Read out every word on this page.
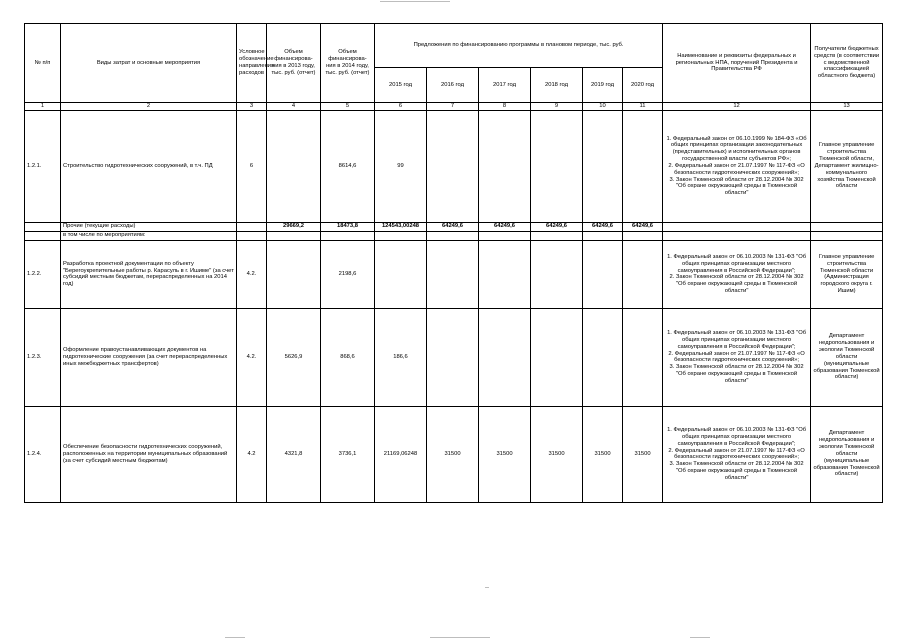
№ п/п	Виды затрат и основные мероприятия	Условное обозначение направления расходов	Объем финансирова- ния в 2013 году, тыс. руб. (отчет)	Объем финансирова- ния в 2014 году, тыс. руб. (отчет)	Предложения по финансированию программы в плановом периоде, тыс. руб.						Наименование и реквизиты федеральных и региональных НПА, поручений Президента и Правительства РФ	Получатели бюджетных средств (в соответствии с ведомственной классификацией областного бюджета)
					2015 год	2016 год	2017 год	2018 год	2019 год	2020 год		
1	2	3	4	5	6	7	8	9	10	11	12	13
1.2.1.	Строительство гидротехнических сооружений, в т.ч. ПД	6		8614,6	99						1. Федеральный закон от 06.10.1999 № 184-ФЗ «Об общих принципах организации законодательных (представительных) и исполнительных органов государственной власти субъектов РФ»;
2. Федеральный закон от 21.07.1997 № 117-ФЗ «О безопасности гидротехнических сооружений»;
3. Закон Тюменской области от 28.12.2004 № 302 "Об охране окружающей среды в Тюменской области"	Главное управление строительства Тюменской области, Департамент жилищно-коммунального хозяйства Тюменской области
	Прочие (текущие расходы)		29669,2	18473,8	124543,00248	64249,6	64249,6	64249,6	64249,6	64249,6		
	в том числе по мероприятиям:											
1.2.2.	Разработка проектной документации по объекту "Берегоукрепительные работы р. Карасуль в г. Ишиме" (за счет субсидий местным бюджетам, перераспределенных на 2014 год)	4.2.		2198,6							1. Федеральный закон от 06.10.2003 № 131-ФЗ "Об общих принципах организации местного самоуправления в Российской Федерации";
2. Закон Тюменской области от 28.12.2004 № 302 "Об охране окружающей среды в Тюменской области"	Главное управление строительства Тюменской области (Администрация городского округа г. Ишим)
1.2.3.	Оформление правоустанавливающих документов на гидротехнические сооружения (за счет перераспределенных иных межбюджетных трансфертов)	4.2.	5626,9	868,6	186,6						1. Федеральный закон от 06.10.2003 № 131-ФЗ "Об общих принципах организации местного самоуправления в Российской Федерации";
2. Федеральный закон от 21.07.1997 № 117-ФЗ «О безопасности гидротехнических сооружений»;
3. Закон Тюменской области от 28.12.2004 № 302 "Об охране окружающей среды в Тюменской области"	Департамент недропользования и экологии Тюменской области (муниципальные образования Тюменской области)
1.2.4.	Обеспечение безопасности гидротехнических сооружений, расположенных на территории муниципальных образований (за счет субсидий местным бюджетам)	4.2	4321,8	3736,1	21169,06248	31500	31500	31500	31500	31500	1. Федеральный закон от 06.10.2003 № 131-ФЗ "Об общих принципах организации местного самоуправления в Российской Федерации";
2. Федеральный закон от 21.07.1997 № 117-ФЗ «О безопасности гидротехнических сооружений»;
3. Закон Тюменской области от 28.12.2004 № 302 "Об охране окружающей среды в Тюменской области"	Департамент недропользования и экологии Тюменской области (муниципальные образования Тюменской области)
